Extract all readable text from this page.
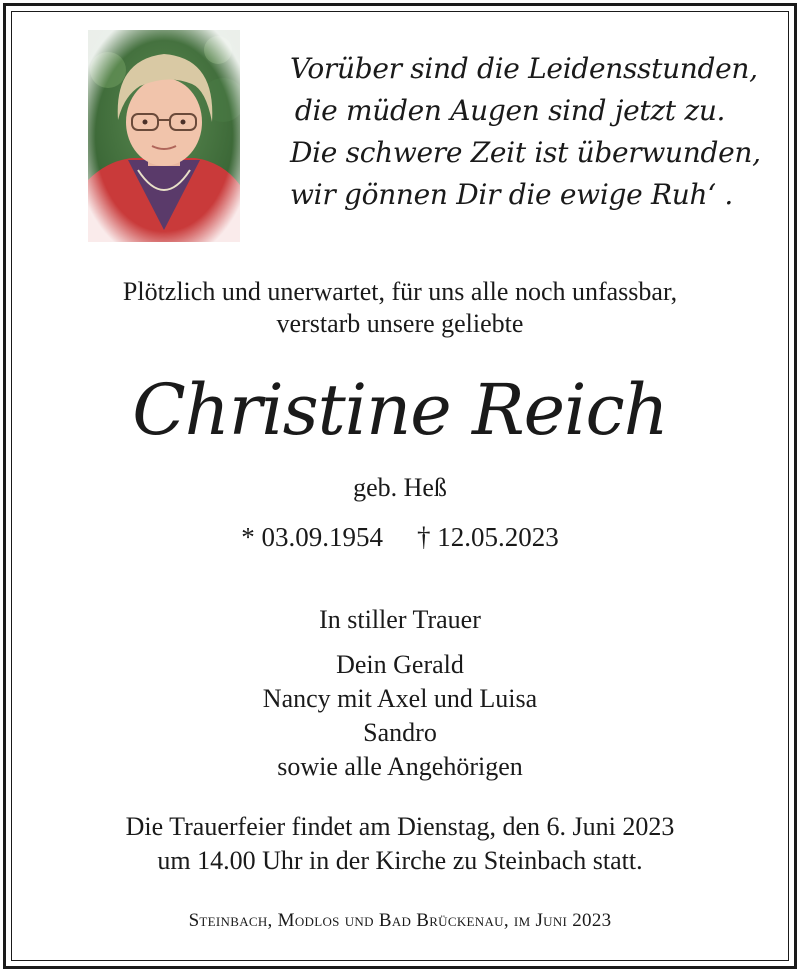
Vorüber sind die Leidensstunden,
die müden Augen sind jetzt zu.
Die schwere Zeit ist überwunden,
wir gönnen Dir die ewige Ruh‘ .
Plötzlich und unerwartet, für uns alle noch unfassbar,
verstarb unsere geliebte
Christine Reich
geb. Heß
* 03.09.1954 † 12.05.2023
In stiller Trauer
Dein Gerald
Nancy mit Axel und Luisa
Sandro
sowie alle Angehörigen
Die Trauerfeier findet am Dienstag, den 6. Juni 2023
um 14.00 Uhr in der Kirche zu Steinbach statt.
Steinbach, Modlos und Bad Brückenau, im Juni 2023
